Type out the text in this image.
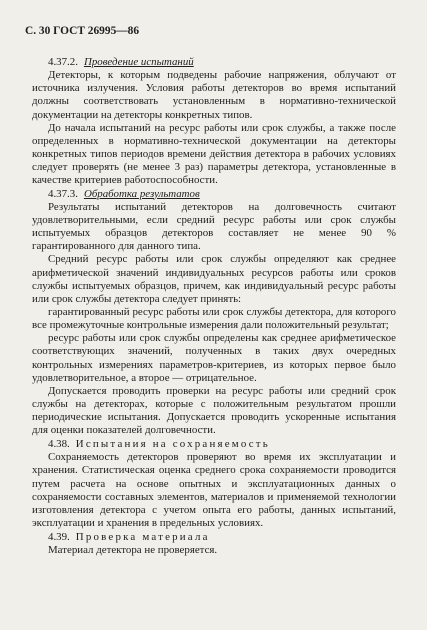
С. 30 ГОСТ 26995—86
4.37.2. Проведение испытаний

Детекторы, к которым подведены рабочие напряжения, облучают от источника излучения. Условия работы детекторов во время испытаний должны соответствовать установленным в нормативно-технической документации на детекторы конкретных типов.

До начала испытаний на ресурс работы или срок службы, а также после определенных в нормативно-технической документации на детекторы конкретных типов периодов времени действия детектора в рабочих условиях следует проверять (не менее 3 раз) параметры детектора, установленные в качестве критериев работоспособности.

4.37.3. Обработка результатов

Результаты испытаний детекторов на долговечность считают удовлетворительными, если средний ресурс работы или срок службы испытуемых образцов детекторов составляет не менее 90 % гарантированного для данного типа.

Средний ресурс работы или срок службы определяют как среднее арифметической значений индивидуальных ресурсов работы или сроков службы испытуемых образцов, причем, как индивидуальный ресурс работы или срок службы детектора следует принять:

гарантированный ресурс работы или срок службы детектора, для которого все промежуточные контрольные измерения дали положительный результат;

ресурс работы или срок службы определены как среднее арифметическое соответствующих значений, полученных в таких двух очередных контрольных измерениях параметров-критериев, из которых первое было удовлетворительное, а второе — отрицательное.

Допускается проводить проверки на ресурс работы или средний срок службы на детекторах, которые с положительным результатом прошли периодические испытания. Допускается проводить ускоренные испытания для оценки показателей долговечности.

4.38. Испытания на сохраняемость

Сохраняемость детекторов проверяют во время их эксплуатации и хранения. Статистическая оценка среднего срока сохраняемости проводится путем расчета на основе опытных и эксплуатационных данных о сохраняемости составных элементов, материалов и применяемой технологии изготовления детектора с учетом опыта его работы, данных испытаний, эксплуатации и хранения в предельных условиях.

4.39. Проверка материала

Материал детектора не проверяется.
